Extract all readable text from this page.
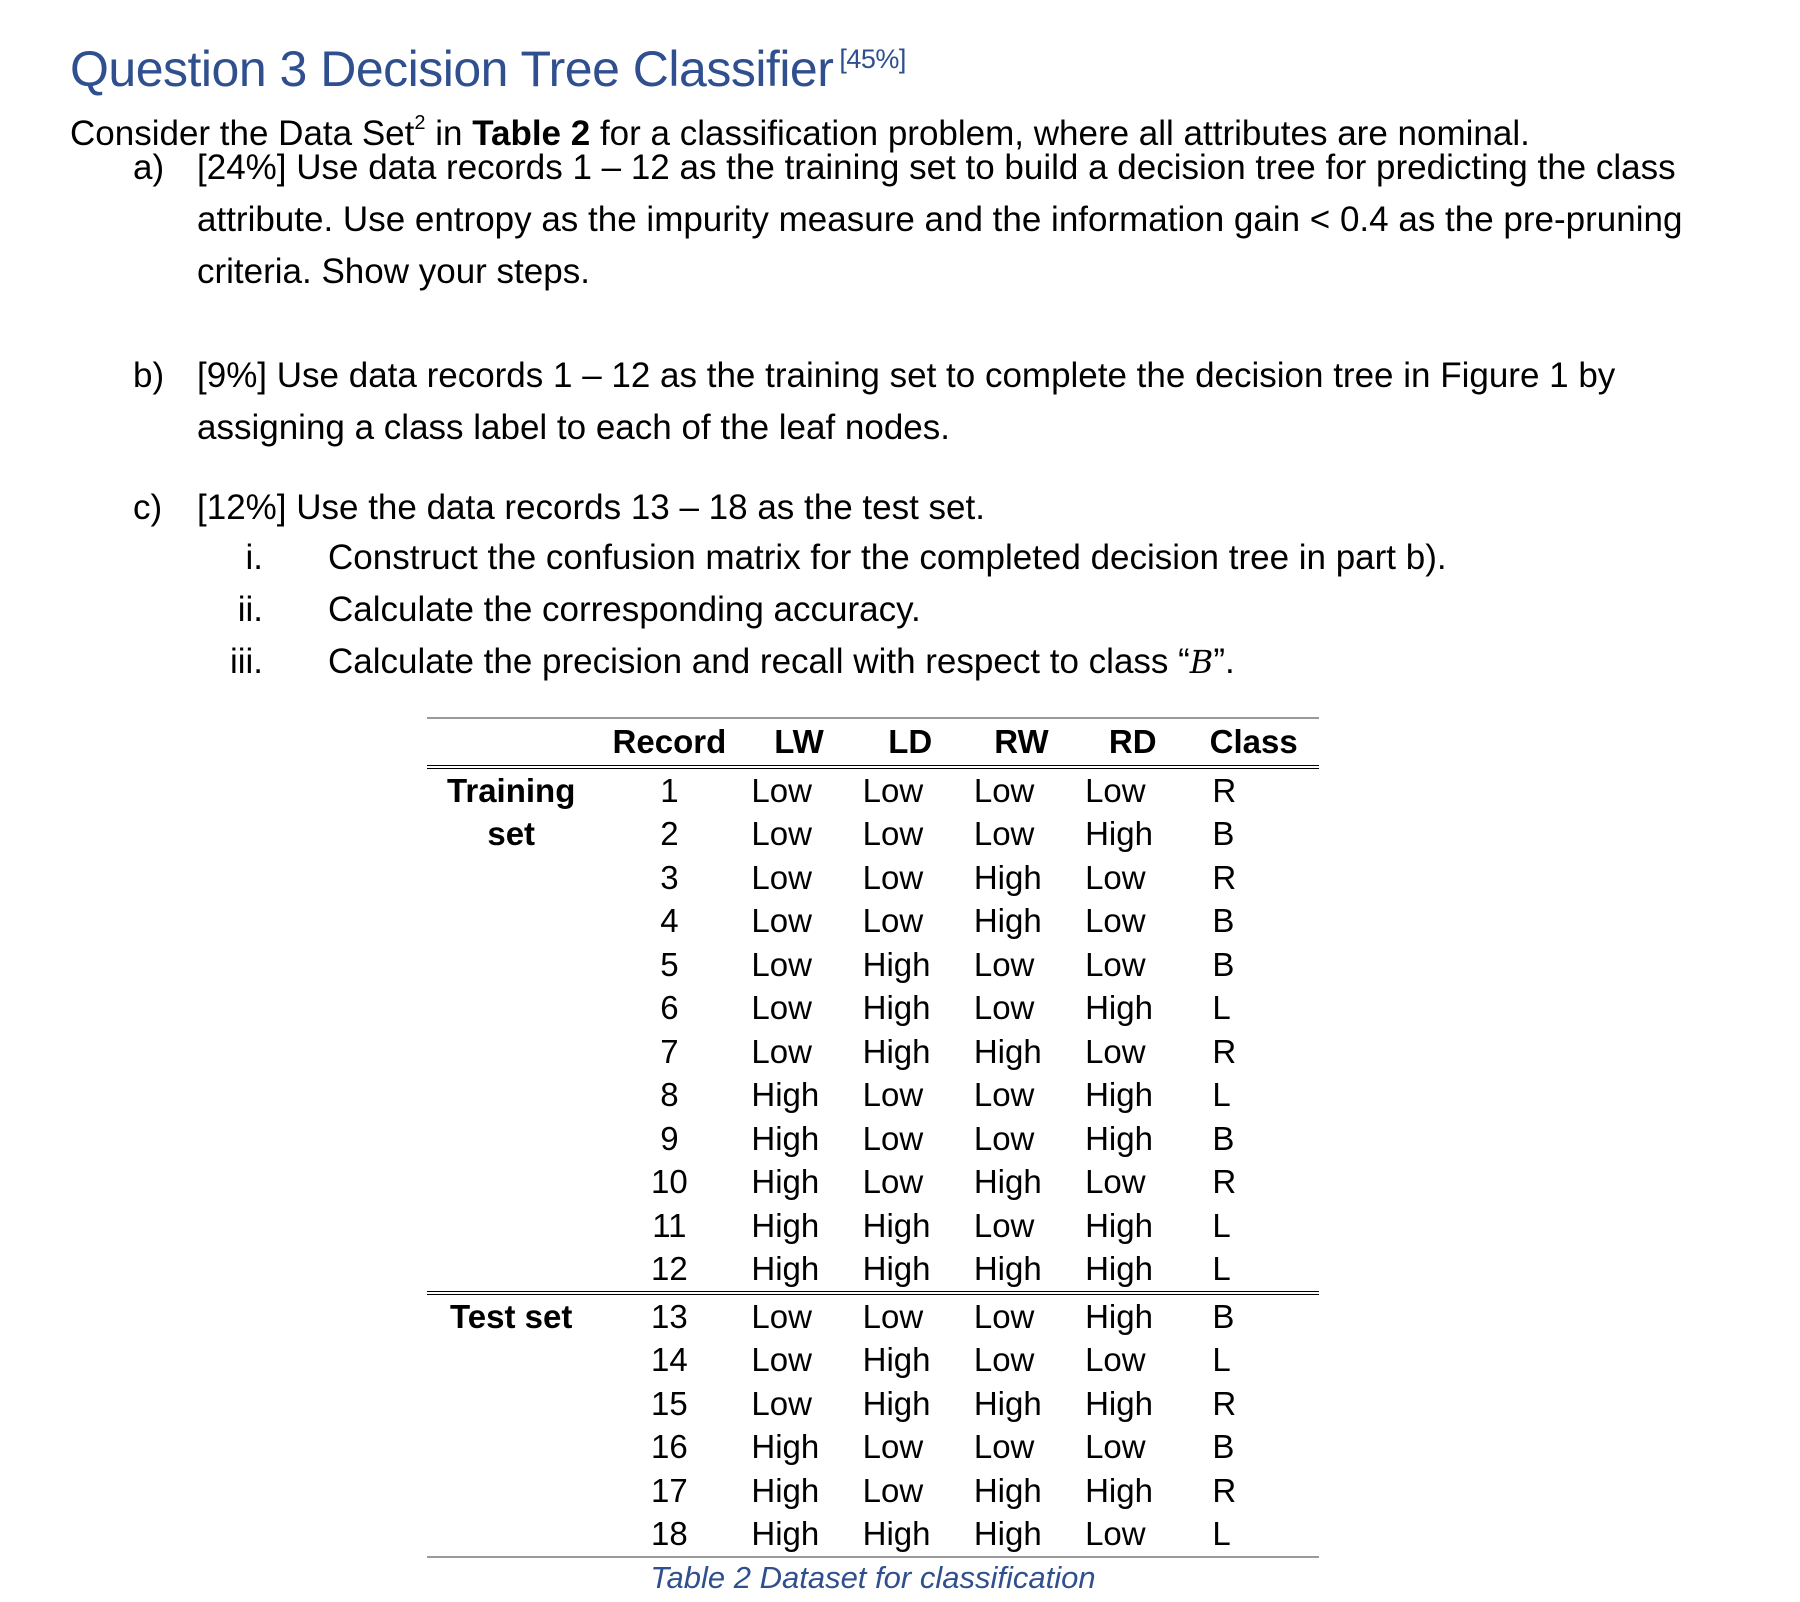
Question 3 Decision Tree Classifier [45%]
Consider the Data Set$^2$ in Table 2 for a classification problem, where all attributes are nominal.
a) [24%] Use data records 1 – 12 as the training set to build a decision tree for predicting the class attribute. Use entropy as the impurity measure and the information gain < 0.4 as the pre-pruning criteria. Show your steps.
b) [9%] Use data records 1 – 12 as the training set to complete the decision tree in Figure 1 by assigning a class label to each of the leaf nodes.
c) [12%] Use the data records 13 – 18 as the test set.
i. Construct the confusion matrix for the completed decision tree in part b).
ii. Calculate the corresponding accuracy.
iii. Calculate the precision and recall with respect to class “B”.
	Record	LW	LD	RW	RD	Class
Training	1	Low	Low	Low	Low	R
set	2	Low	Low	Low	High	B
	3	Low	Low	High	Low	R
	4	Low	Low	High	Low	B
	5	Low	High	Low	Low	B
	6	Low	High	Low	High	L
	7	Low	High	High	Low	R
	8	High	Low	Low	High	L
	9	High	Low	Low	High	B
	10	High	Low	High	Low	R
	11	High	High	Low	High	L
	12	High	High	High	High	L
Test set	13	Low	Low	Low	High	B
	14	Low	High	Low	Low	L
	15	Low	High	High	High	R
	16	High	Low	Low	Low	B
	17	High	Low	High	High	R
	18	High	High	High	Low	L
Table 2 Dataset for classification
